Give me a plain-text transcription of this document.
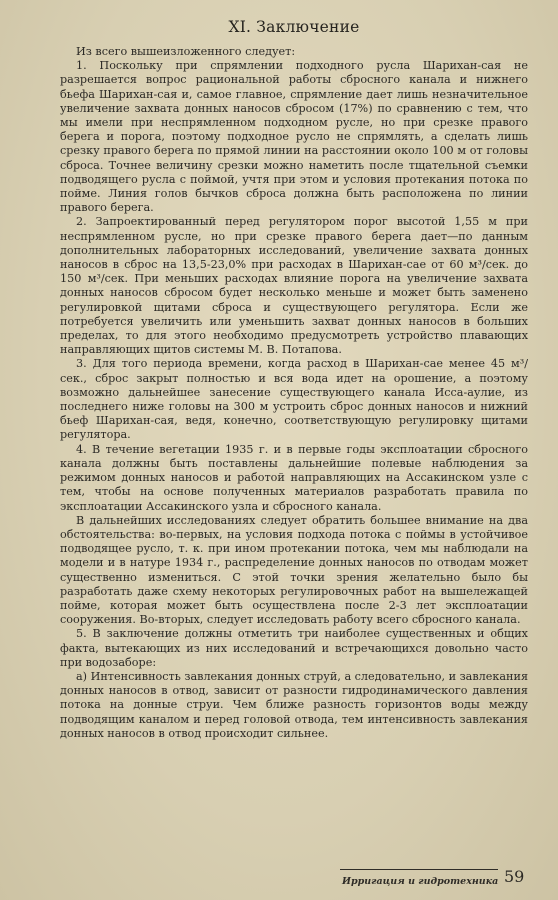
XI. Заключение

Из всего вышеизложенного следует:

1. Поскольку при спрямлении подходного русла Шарихан-сая не разрешается вопрос рациональной работы сбросного канала и нижнего бьефа Шарихан-сая и, самое главное, спрямление дает лишь незначительное увеличение захвата донных наносов сбросом (17%) по сравнению с тем, что мы имели при неспрямленном подходном русле, но при срезке правого берега и порога, поэтому подходное русло не спрямлять, а сделать лишь срезку правого берега по прямой линии на расстоянии около 100 м от головы сброса. Точнее величину срезки можно наметить после тщательной съемки подводящего русла с поймой, учтя при этом и условия протекания потока по пойме. Линия голов бычков сброса должна быть расположена по линии правого берега.

2. Запроектированный перед регулятором порог высотой 1,55 м при неспрямленном русле, но при срезке правого берега дает—по данным дополнительных лабораторных исследований, увеличение захвата донных наносов в сброс на 13,5-23,0% при расходах в Шарихан-сае от 60 м³/сек. до 150 м³/сек. При меньших расходах влияние порога на увеличение захвата донных наносов сбросом будет несколько меньше и может быть заменено регулировкой щитами сброса и существующего регулятора. Если же потребуется увеличить или уменьшить захват донных наносов в больших пределах, то для этого необходимо предусмотреть устройство плавающих направляющих щитов системы М. В. Потапова.

3. Для того периода времени, когда расход в Шарихан-сае менее 45 м³/сек., сброс закрыт полностью и вся вода идет на орошение, а поэтому возможно дальнейшее занесение существующего канала Исса-аулие, из последнего ниже головы на 300 м устроить сброс донных наносов и нижний бьеф Шарихан-сая, ведя, конечно, соответствующую регулировку щитами регулятора.

4. В течение вегетации 1935 г. и в первые годы эксплоатации сбросного канала должны быть поставлены дальнейшие полевые наблюдения за режимом донных наносов и работой направляющих на Ассакинском узле с тем, чтобы на основе полученных материалов разработать правила по эксплоатации Ассакинского узла и сбросного канала.

В дальнейших исследованиях следует обратить большее внимание на два обстоятельства: во-первых, на условия подхода потока с поймы в устойчивое подводящее русло, т. к. при ином протекании потока, чем мы наблюдали на модели и в натуре 1934 г., распределение донных наносов по отводам может существенно измениться. С этой точки зрения желательно было бы разработать даже схему некоторых регулировочных работ на вышележащей пойме, которая может быть осуществлена после 2-3 лет эксплоатации сооружения. Во-вторых, следует исследовать работу всего сбросного канала.

5. В заключение должны отметить три наиболее существенных и общих факта, вытекающих из них исследований и встречающихся довольно часто при водозаборе:

а) Интенсивность завлекания донных струй, а следовательно, и завлекания донных наносов в отвод, зависит от разности гидродинамического давления потока на донные струи. Чем ближе разность горизонтов воды между подводящим каналом и перед головой отвода, тем интенсивность завлекания донных наносов в отвод происходит сильнее.

Ирригация и гидротехника 59
